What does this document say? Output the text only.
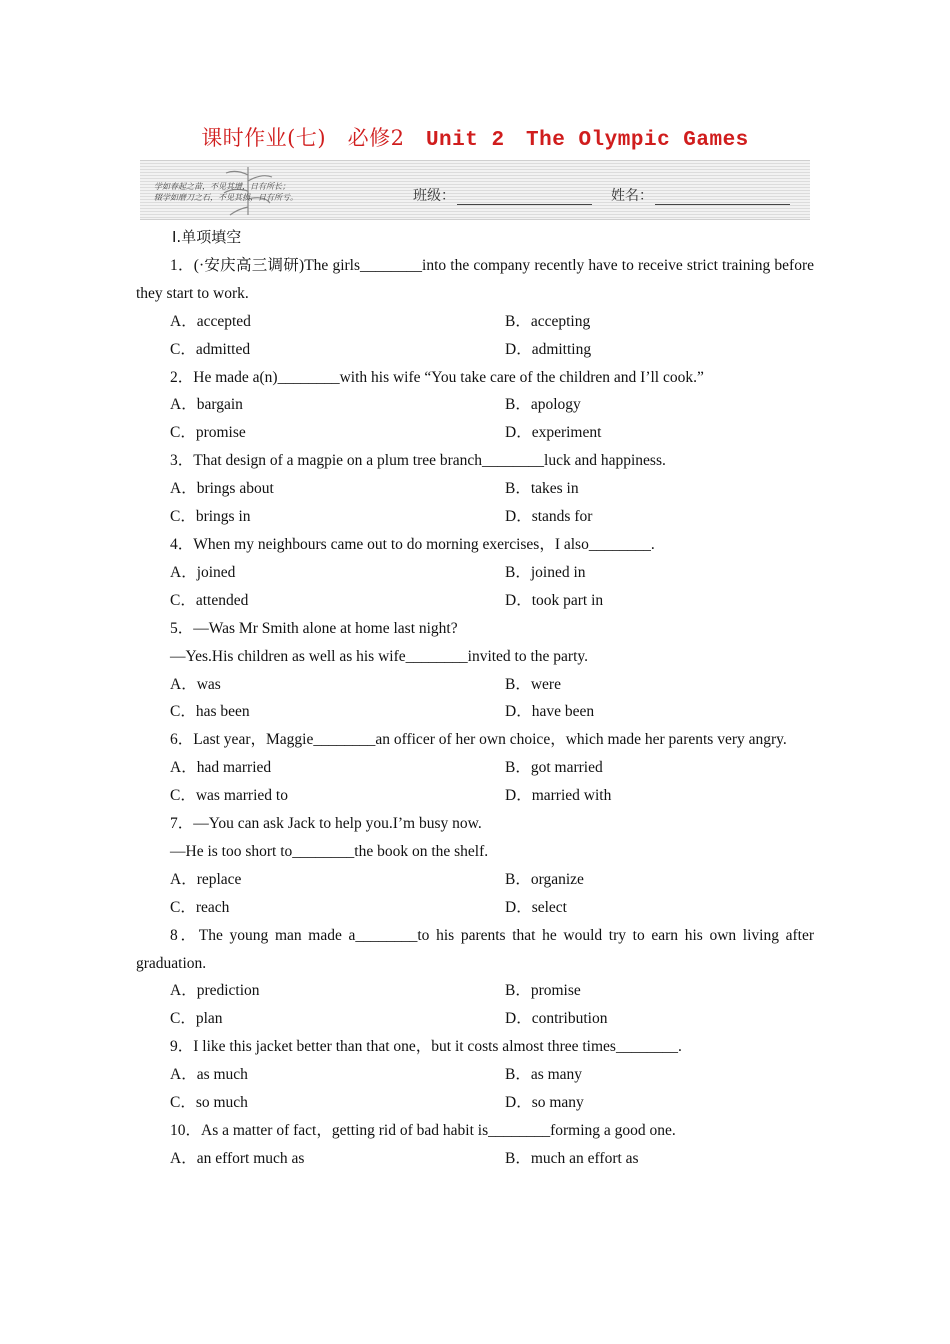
课时作业(七)　必修2　 Unit 2　The Olympic Games
学如春起之苗，不见其增，日有所长；
辍学如磨刀之石，不见其损，日有所亏。	班级：	姓名：
Ⅰ.单项填空
1．(·安庆高三调研)The girls________into the company recently have to receive strict training before they start to work.
A．accepted	B．accepting
C．admitted	D．admitting
2．He made a(n)________with his wife “You take care of the children and I’ll cook.”
A．bargain	B．apology
C．promise	D．experiment
3．That design of a magpie on a plum tree branch________luck and happiness.
A．brings about	B．takes in
C．brings in	D．stands for
4．When my neighbours came out to do morning exercises，I also________.
A．joined	B．joined in
C．attended	D．took part in
5．—Was Mr Smith alone at home last night?
—Yes.His children as well as his wife________invited to the party.
A．was	B．were
C．has been	D．have been
6．Last year，Maggie________an officer of her own choice，which made her parents very angry.
A．had married	B．got married
C．was married to	D．married with
7．—You can ask Jack to help you.I’m busy now.
—He is too short to________the book on the shelf.
A．replace	B．organize
C．reach	D．select
8．The young man made a________to his parents that he would try to earn his own living after graduation.
A．prediction	B．promise
C．plan	D．contribution
9．I like this jacket better than that one，but it costs almost three times________.
A．as much	B．as many
C．so much	D．so many
10．As a matter of fact，getting rid of bad habit is________forming a good one.
A．an effort much as	B．much an effort as
